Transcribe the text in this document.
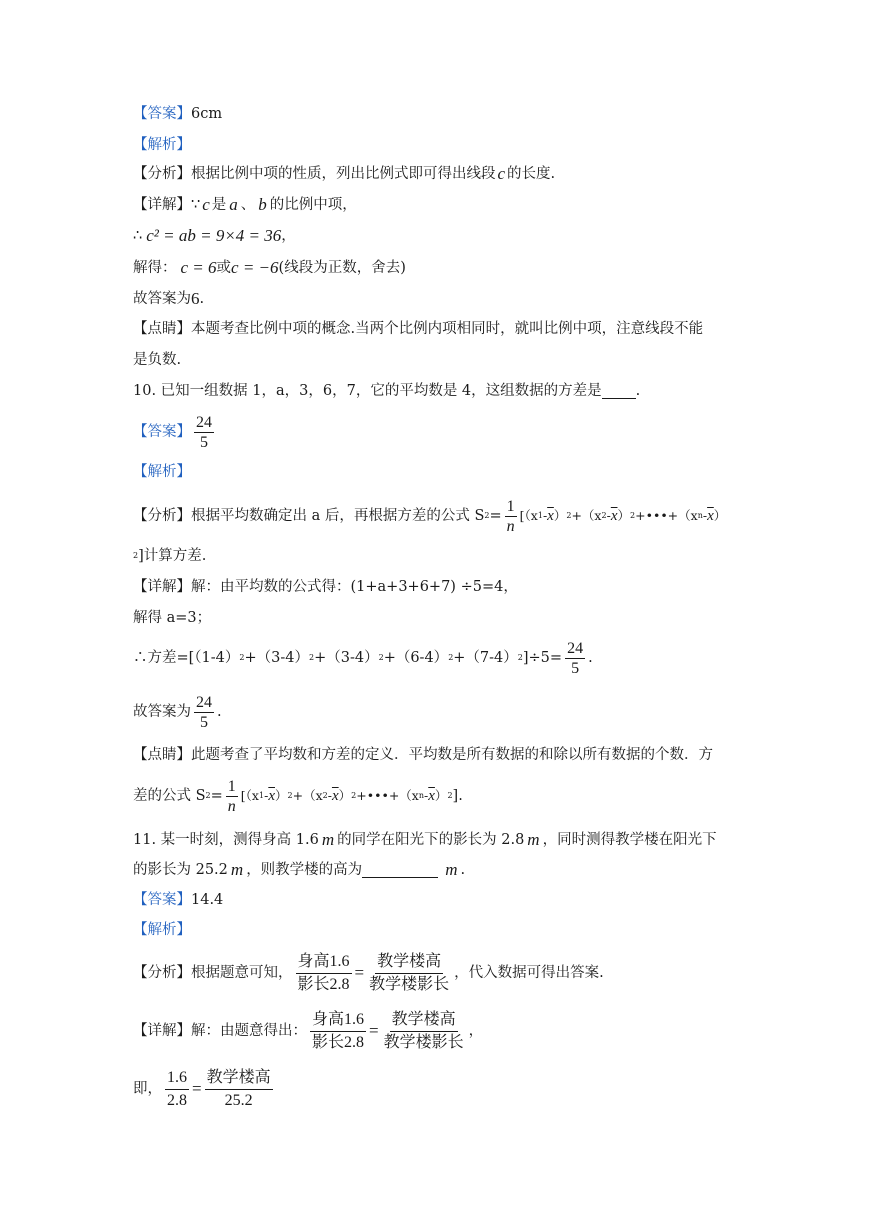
【答案】 6cm
【解析】
【分析】 根据比例中项的性质，列出比例式即可得出线段 c 的长度.
【详解】 ∵ c 是 a 、 b 的比例中项，
∴ c² = ab = 9×4 = 36 ，
解得： c = 6 或 c = −6 (线段为正数，舍去)
故答案为 6 .
【点睛】 本题考查比例中项的概念.当两个比例内项相同时，就叫比例中项，注意线段不能
是负数.
10. 已知一组数据 1，a，3，6，7，它的平均数是 4，这组数据的方差是 .
【答案】 $\frac{24}{5}$
【解析】
【分析】 根据平均数确定出 a 后，再根据方差的公式 S $2 = \frac{1}{n} [(x$ $1 - \overline{x}$ ） 2 +（x $2 - \overline{x}$ ） 2 +•••+（x n - $\overline{x}$ ）
2 ]计算方差.
【详解】 解：由平均数的公式得：(1+a+3+6+7) ÷5=4，
解得 a=3；
∴方差=[（1-4） 2 +（3-4） 2 +（3-4） 2 +（6-4） 2 +（7-4） 2 ]$\div 5= \frac{24}{5}$ .
故答案为 $\frac{24}{5}$ .
【点睛】 此题考查了平均数和方差的定义．平均数是所有数据的和除以所有数据的个数．方
差的公式 S $2 = \frac{1}{n} [(x$ $1 - \overline{x}$ ） 2 +（x $2 - \overline{x}$ ） 2 +•••+（x n - $\overline{x}$ ） 2 ].
11. 某一时刻，测得身高 1.6 m 的同学在阳光下的影长为 2.8 m ，同时测得教学楼在阳光下
的影长为 25.2 m ，则教学楼的高为	m .
【答案】 14.4
【解析】
【分析】 根据题意可知， $\frac{\text{身高1.6}}{\text{影长2.8}} = \frac{\text{教学楼高}}{\text{教学楼影长}}$ ，代入数据可得出答案.
【详解】 解：由题意得出： $\frac{\text{身高1.6}}{\text{影长2.8}} = \frac{\text{教学楼高}}{\text{教学楼影长}}$ ，
即， $\frac{1.6}{2.8} = \frac{\text{教学楼高}}{25.2}$
